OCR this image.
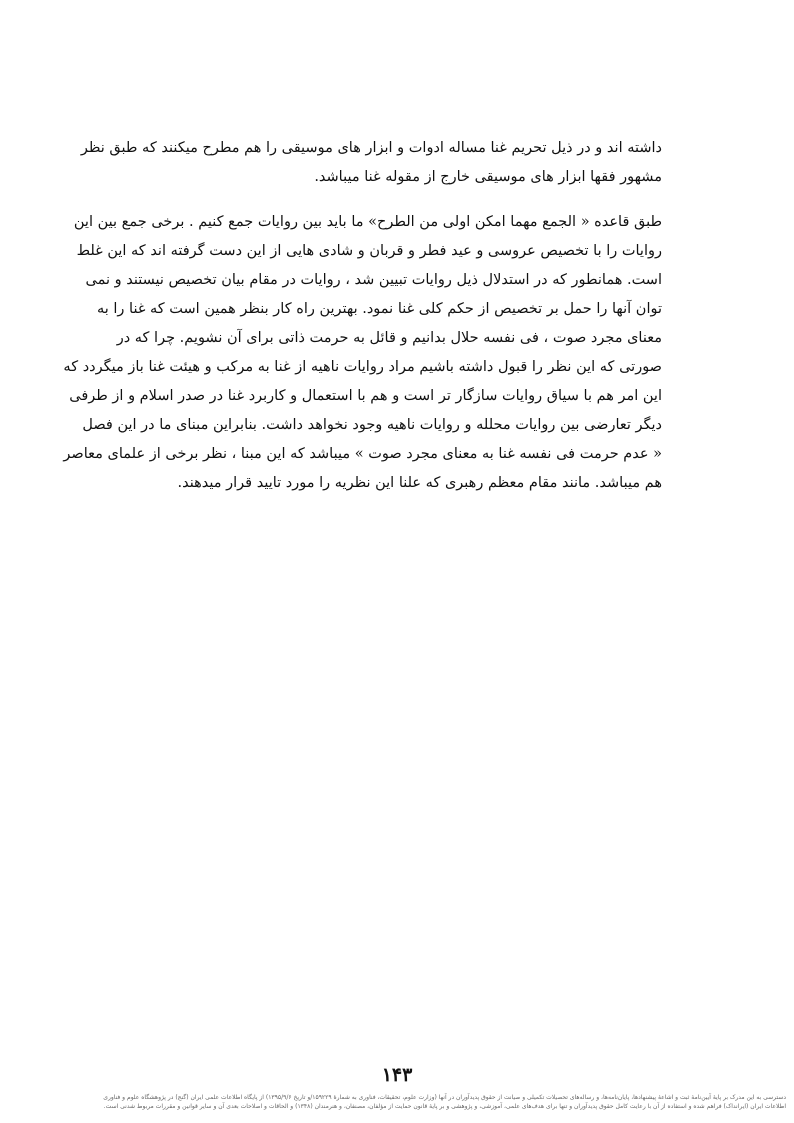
داشته اند و در ذیل تحریم غنا مساله ادوات و ابزار های موسیقی را هم مطرح میکنند که طبق نظر
مشهور فقها ابزار های موسیقی خارج از مقوله غنا میباشد.
طبق قاعده « الجمع مهما امکن اولی من الطرح» ما باید بین روایات جمع کنیم . برخی جمع بین این
روایات را با تخصیص عروسی و عید فطر و قربان و شادی هایی از این دست گرفته اند که این غلط
است. همانطور که در استدلال ذیل روایات تبیین شد ، روایات در مقام بیان تخصیص نیستند و نمی
توان آنها را حمل بر تخصیص از حکم کلی غنا نمود. بهترین راه کار بنظر همین است که غنا را به
معنای مجرد صوت ، فی نفسه حلال بدانیم و قائل به حرمت ذاتی برای آن نشویم. چرا که در
صورتی که این نظر را قبول داشته باشیم مراد روایات ناهیه از غنا به مرکب و هیئت غنا باز میگردد که
این امر هم با سیاق روایات سازگار تر است و هم با استعمال و کاربرد غنا در صدر اسلام و از طرفی
دیگر تعارضی بین روایات محلله و روایات ناهیه وجود نخواهد داشت. بنابراین مبنای ما در این فصل
« عدم حرمت فی نفسه غنا به معنای مجرد صوت » میباشد که این مبنا ، نظر برخی از علمای معاصر
هم میباشد. مانند مقام معظم رهبری که علنا این نظریه را مورد تایید قرار میدهند.
۱۴۳
دسترسی به این مدرک بر پایهٔ آیین‌نامهٔ ثبت و اشاعهٔ پیشنهادها، پایان‌نامه‌ها، و رساله‌های تحصیلات تکمیلی و صیانت از حقوق پدیدآوران در آنها (وزارت علوم، تحقیقات، فناوری به شمارهٔ ۱۵۹۲۲۹/و تاریخ ۱۳۹۵/۹/۶) از پایگاه اطلاعات علمی ایران (گنج) در پژوهشگاه علوم و فناوری
اطلاعات ایران (ایرانداک) فراهم شده و استفاده از آن با رعایت کامل حقوق پدیدآوران و تنها برای هدف‌های علمی، آموزشی، و پژوهشی و بر پایهٔ قانون حمایت از مؤلفان، مصنفان، و هنرمندان (۱۳۴۸) و الحاقات و اصلاحات بعدی آن و سایر قوانین و مقررات مربوط شدنی است.
